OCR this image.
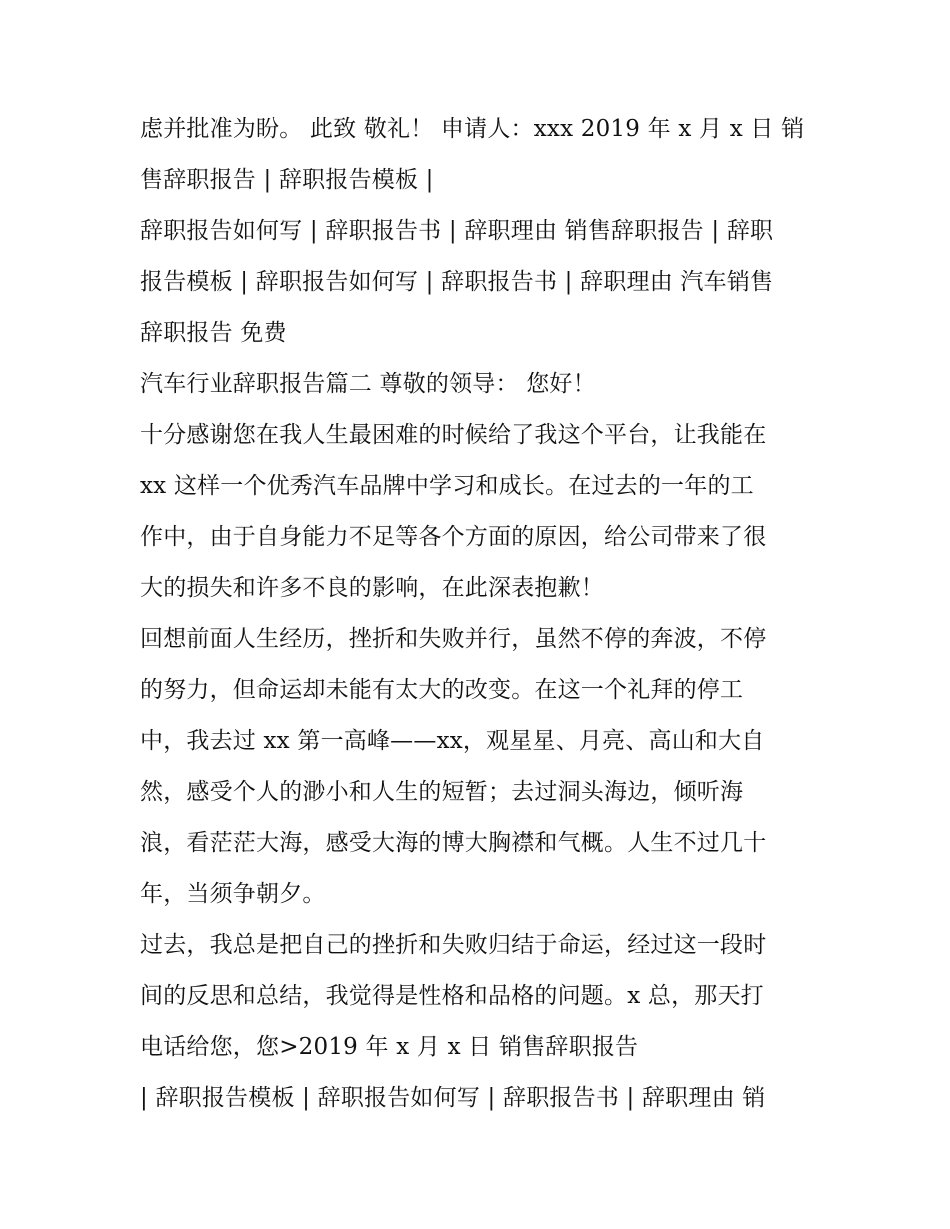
虑并批准为盼。 此致 敬礼！ 申请人：xxx 2019 年 x 月 x 日 销
售辞职报告 | 辞职报告模板 |
辞职报告如何写 | 辞职报告书 | 辞职理由 销售辞职报告 | 辞职
报告模板 | 辞职报告如何写 | 辞职报告书 | 辞职理由 汽车销售
辞职报告 免费
汽车行业辞职报告篇二 尊敬的领导： 您好！
十分感谢您在我人生最困难的时候给了我这个平台，让我能在
xx 这样一个优秀汽车品牌中学习和成长。在过去的一年的工
作中，由于自身能力不足等各个方面的原因，给公司带来了很
大的损失和许多不良的影响，在此深表抱歉！
回想前面人生经历，挫折和失败并行，虽然不停的奔波，不停
的努力，但命运却未能有太大的改变。在这一个礼拜的停工
中，我去过 xx 第一高峰——xx，观星星、月亮、高山和大自
然，感受个人的渺小和人生的短暂；去过洞头海边，倾听海
浪，看茫茫大海，感受大海的博大胸襟和气概。人生不过几十
年，当须争朝夕。
过去，我总是把自己的挫折和失败归结于命运，经过这一段时
间的反思和总结，我觉得是性格和品格的问题。x 总，那天打
电话给您，您>2019 年 x 月 x 日 销售辞职报告
| 辞职报告模板 | 辞职报告如何写 | 辞职报告书 | 辞职理由 销
